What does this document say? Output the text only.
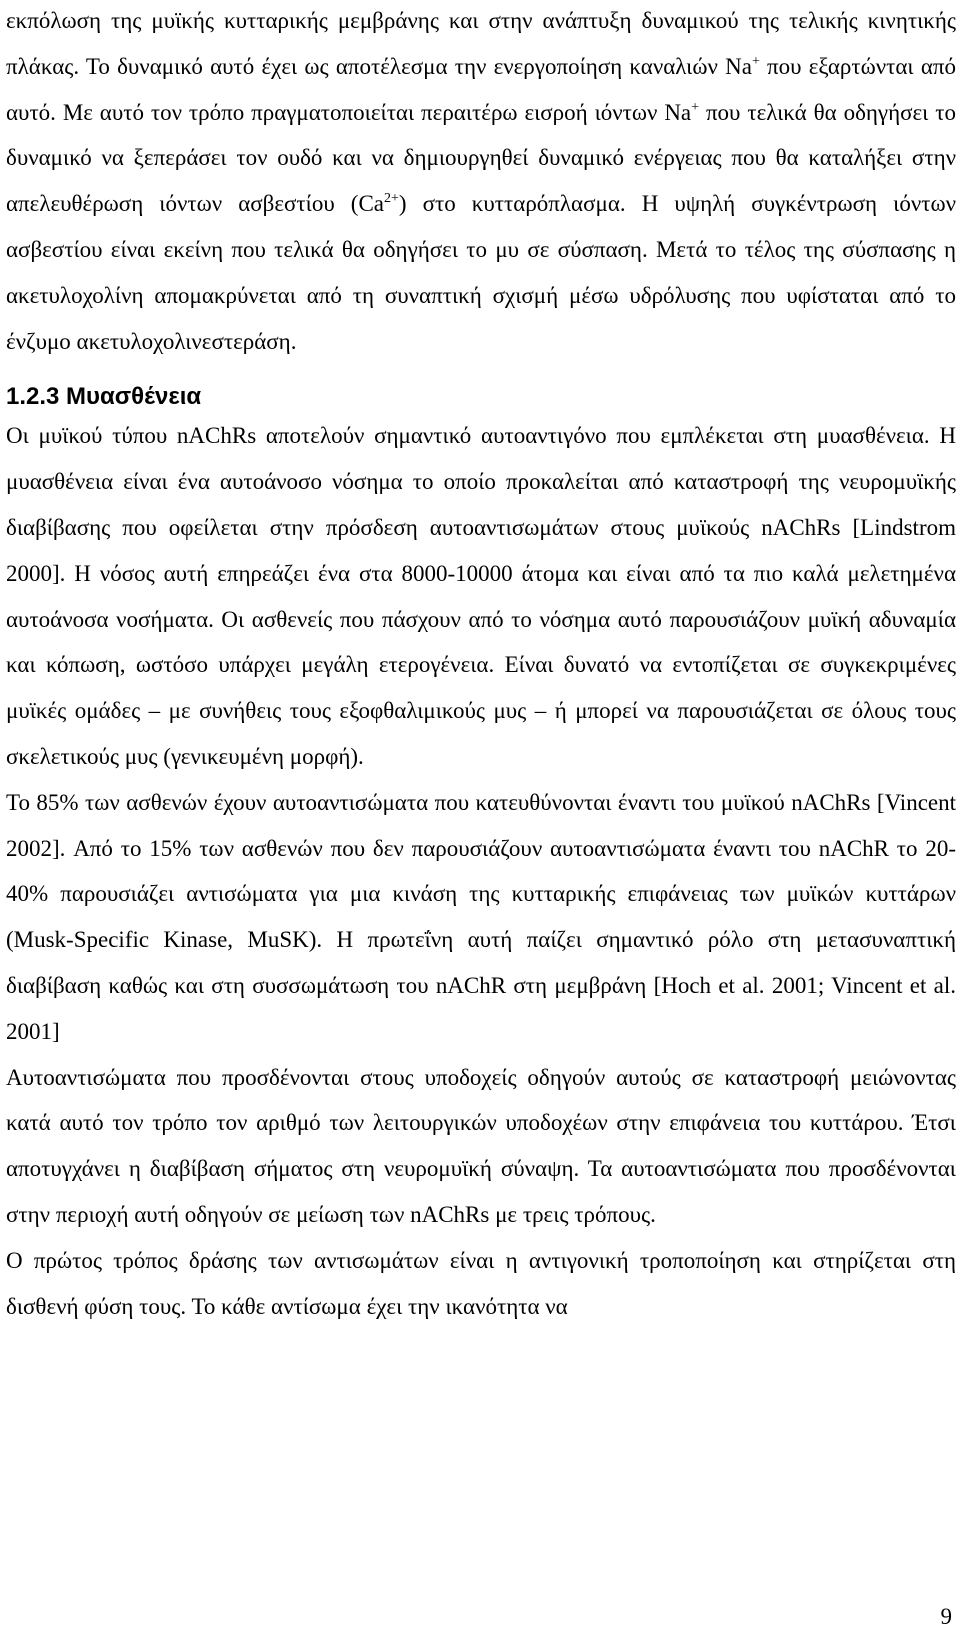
εκπόλωση της μυϊκής κυτταρικής μεμβράνης και στην ανάπτυξη δυναμικού της τελικής κινητικής πλάκας. Το δυναμικό αυτό έχει ως αποτέλεσμα την ενεργοποίηση καναλιών Na+ που εξαρτώνται από αυτό. Με αυτό τον τρόπο πραγματοποιείται περαιτέρω εισροή ιόντων Na+ που τελικά θα οδηγήσει το δυναμικό να ξεπεράσει τον ουδό και να δημιουργηθεί δυναμικό ενέργειας που θα καταλήξει στην απελευθέρωση ιόντων ασβεστίου $(Ca^{2+})$ στο κυτταρόπλασμα. Η υψηλή συγκέντρωση ιόντων ασβεστίου είναι εκείνη που τελικά θα οδηγήσει το μυ σε σύσπαση. Μετά το τέλος της σύσπασης η ακετυλοχολίνη απομακρύνεται από τη συναπτική σχισμή μέσω υδρόλυσης που υφίσταται από το ένζυμο ακετυλοχολινεστεράση.

1.2.3 Μυασθένεια

Οι μυϊκού τύπου nAChRs αποτελούν σημαντικό αυτοαντιγόνο που εμπλέκεται στη μυασθένεια. Η μυασθένεια είναι ένα αυτοάνοσο νόσημα το οποίο προκαλείται από καταστροφή της νευρομυϊκής διαβίβασης που οφείλεται στην πρόσδεση αυτοαντισωμάτων στους μυϊκούς nAChRs [Lindstrom 2000]. Η νόσος αυτή επηρεάζει ένα στα 8000-10000 άτομα και είναι από τα πιο καλά μελετημένα αυτοάνοσα νοσήματα. Οι ασθενείς που πάσχουν από το νόσημα αυτό παρουσιάζουν μυϊκή αδυναμία και κόπωση, ωστόσο υπάρχει μεγάλη ετερογένεια. Είναι δυνατό να εντοπίζεται σε συγκεκριμένες μυϊκές ομάδες – με συνήθεις τους εξοφθαλιμικούς μυς – ή μπορεί να παρουσιάζεται σε όλους τους σκελετικούς μυς (γενικευμένη μορφή).

Το 85% των ασθενών έχουν αυτοαντισώματα που κατευθύνονται έναντι του μυϊκού nAChRs [Vincent 2002]. Από το 15% των ασθενών που δεν παρουσιάζουν αυτοαντισώματα έναντι του nAChR το 20-40% παρουσιάζει αντισώματα για μια κινάση της κυτταρικής επιφάνειας των μυϊκών κυττάρων (Musk-Specific Kinase, MuSK). Η πρωτεΐνη αυτή παίζει σημαντικό ρόλο στη μετασυναπτική διαβίβαση καθώς και στη συσσωμάτωση του nAChR στη μεμβράνη [Hoch et al. 2001; Vincent et al. 2001]

Αυτοαντισώματα που προσδένονται στους υποδοχείς οδηγούν αυτούς σε καταστροφή μειώνοντας κατά αυτό τον τρόπο τον αριθμό των λειτουργικών υποδοχέων στην επιφάνεια του κυττάρου. Έτσι αποτυγχάνει η διαβίβαση σήματος στη νευρομυϊκή σύναψη. Τα αυτοαντισώματα που προσδένονται στην περιοχή αυτή οδηγούν σε μείωση των nAChRs με τρεις τρόπους.

Ο πρώτος τρόπος δράσης των αντισωμάτων είναι η αντιγονική τροποποίηση και στηρίζεται στη δισθενή φύση τους. Το κάθε αντίσωμα έχει την ικανότητα να

9
